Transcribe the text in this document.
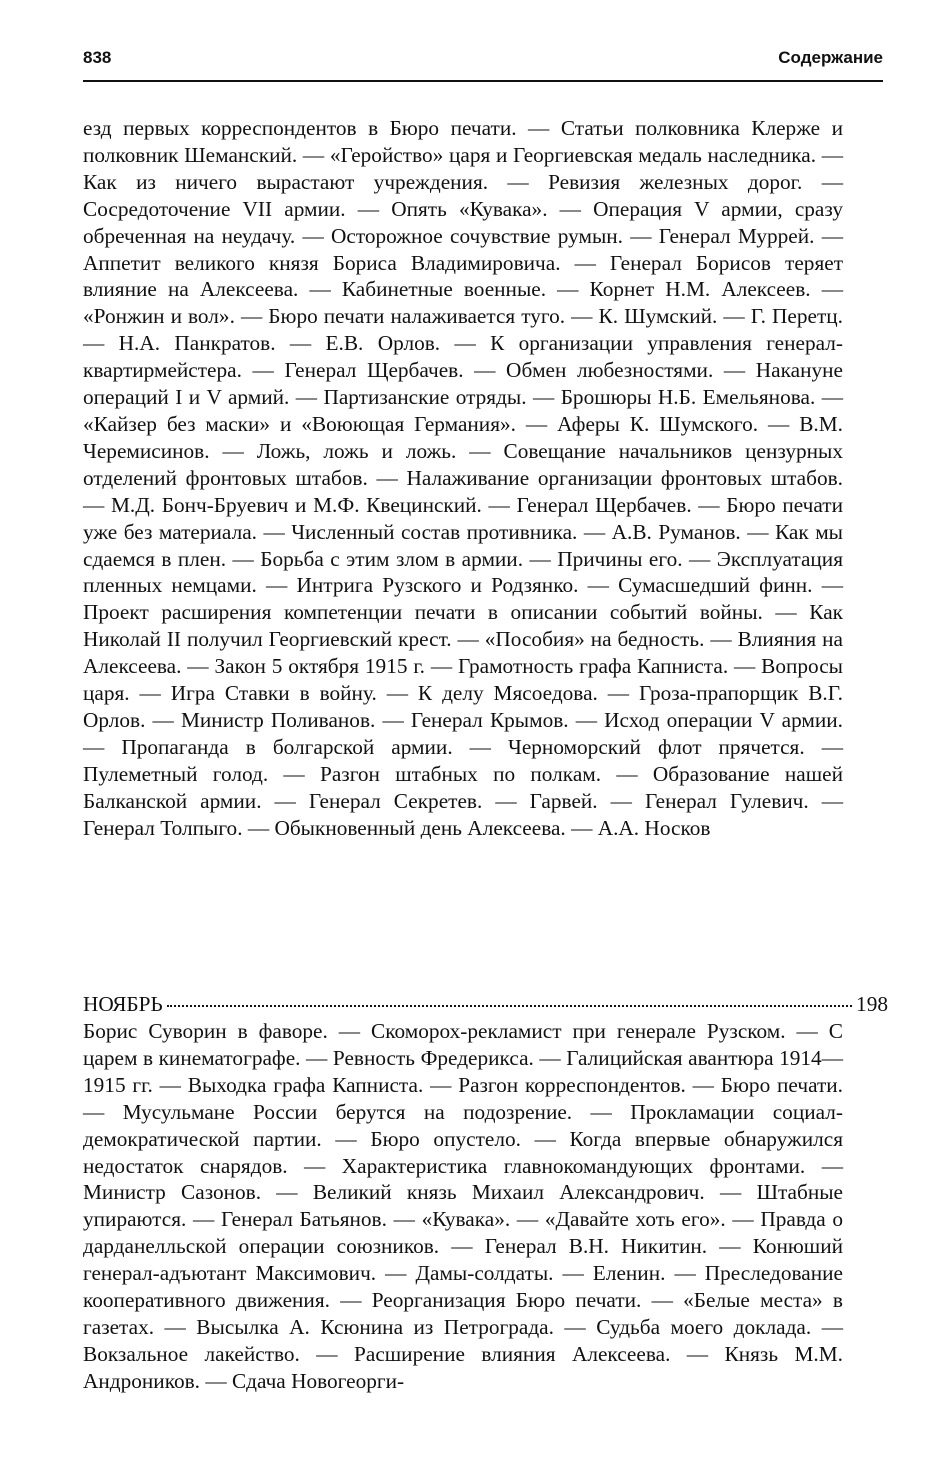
838	Содержание

езд первых корреспондентов в Бюро печати. — Статьи полковника Клерже и полковник Шеманский. — «Геройство» царя и Георгиевская медаль наследника. — Как из ничего вырастают учреждения. — Ревизия железных дорог. — Сосредоточение VII армии. — Опять «Кувака». — Операция V армии, сразу обреченная на неудачу. — Осторожное сочувствие румын. — Генерал Муррей. — Аппетит великого князя Бориса Владимировича. — Генерал Борисов теряет влияние на Алексеева. — Кабинетные военные. — Корнет Н.М. Алексеев. — «Ронжин и вол». — Бюро печати налаживается туго. — К. Шумский. — Г. Перетц. — Н.А. Панкратов. — Е.В. Орлов. — К организации управления генерал-квартирмейстера. — Генерал Щербачев. — Обмен любезностями. — Накануне операций I и V армий. — Партизанские отряды. — Брошюры Н.Б. Емельянова. — «Кайзер без маски» и «Воюющая Германия». — Аферы К. Шумского. — В.М. Черемисинов. — Ложь, ложь и ложь. — Совещание начальников цензурных отделений фронтовых штабов. — Налаживание организации фронтовых штабов. — М.Д. Бонч-Бруевич и М.Ф. Квецинский. — Генерал Щербачев. — Бюро печати уже без материала. — Численный состав противника. — А.В. Руманов. — Как мы сдаемся в плен. — Борьба с этим злом в армии. — Причины его. — Эксплуатация пленных немцами. — Интрига Рузского и Родзянко. — Сумасшедший финн. — Проект расширения компетенции печати в описании событий войны. — Как Николай II получил Георгиевский крест. — «Пособия» на бедность. — Влияния на Алексеева. — Закон 5 октября 1915 г. — Грамотность графа Капниста. — Вопросы царя. — Игра Ставки в войну. — К делу Мясоедова. — Гроза-прапорщик В.Г. Орлов. — Министр Поливанов. — Генерал Крымов. — Исход операции V армии. — Пропаганда в болгарской армии. — Черноморский флот прячется. — Пулеметный голод. — Разгон штабных по полкам. — Образование нашей Балканской армии. — Генерал Секретев. — Гарвей. — Генерал Гулевич. — Генерал Толпыго. — Обыкновенный день Алексеева. — А.А. Носков

НОЯБРЬ	198

Борис Суворин в фаворе. — Скоморох-рекламист при генерале Рузском. — С царем в кинематографе. — Ревность Фредерикса. — Галицийская авантюра 1914—1915 гг. — Выходка графа Капниста. — Разгон корреспондентов. — Бюро печати. — Мусульмане России берутся на подозрение. — Прокламации социал-демократической партии. — Бюро опустело. — Когда впервые обнаружился недостаток снарядов. — Характеристика главнокомандующих фронтами. — Министр Сазонов. — Великий князь Михаил Александрович. — Штабные упираются. — Генерал Батьянов. — «Кувака». — «Давайте хоть его». — Правда о дарданелльской операции союзников. — Генерал В.Н. Никитин. — Конюший генерал-адъютант Максимович. — Дамы-солдаты. — Еленин. — Преследование кооперативного движения. — Реорганизация Бюро печати. — «Белые места» в газетах. — Высылка А. Ксюнина из Петрограда. — Судьба моего доклада. — Вокзальное лакейство. — Расширение влияния Алексеева. — Князь М.М. Андроников. — Сдача Новогеорги-
